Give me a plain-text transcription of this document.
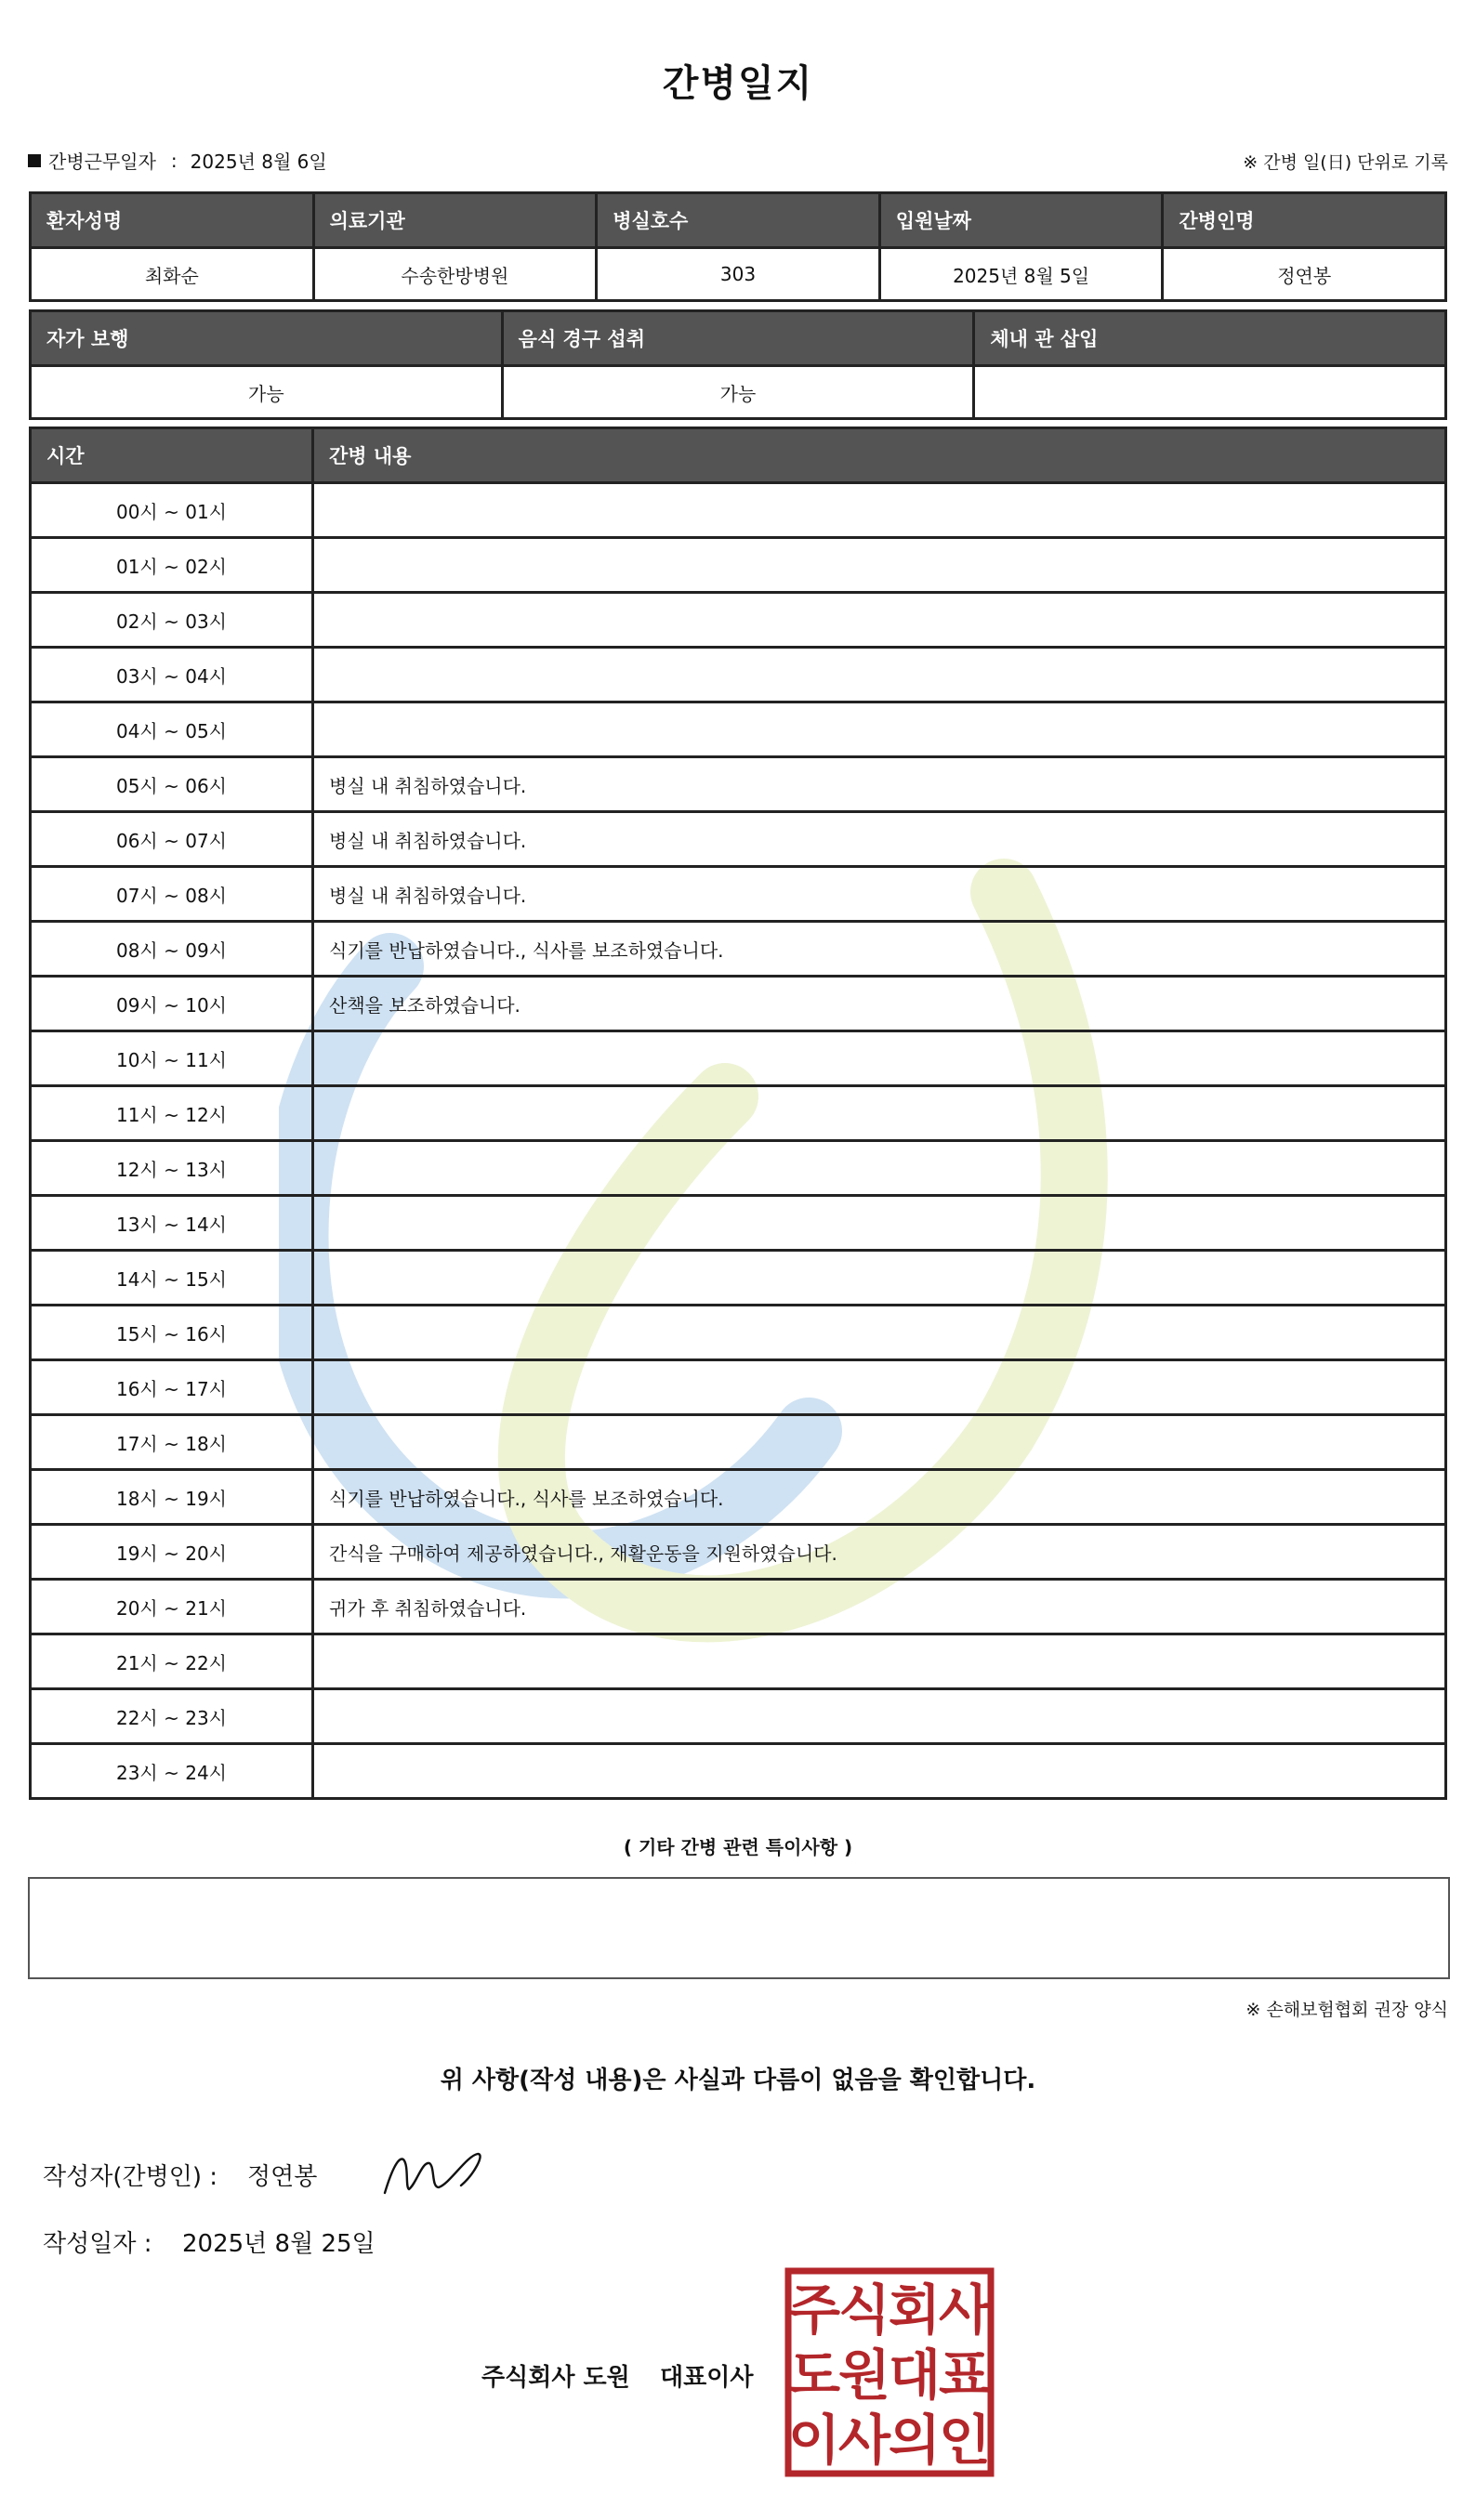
간병일지
간병근무일자 : 2025년 8월 6일	※ 간병 일(日) 단위로 기록
환자성명	의료기관	병실호수	입원날짜	간병인명
최화순	수송한방병원	303	2025년 8월 5일	정연봉
자가 보행	음식 경구 섭취	체내 관 삽입
가능	가능	
시간	간병 내용
00시 ~ 01시	
01시 ~ 02시	
02시 ~ 03시	
03시 ~ 04시	
04시 ~ 05시	
05시 ~ 06시	병실 내 취침하였습니다.
06시 ~ 07시	병실 내 취침하였습니다.
07시 ~ 08시	병실 내 취침하였습니다.
08시 ~ 09시	식기를 반납하였습니다., 식사를 보조하였습니다.
09시 ~ 10시	산책을 보조하였습니다.
10시 ~ 11시	
11시 ~ 12시	
12시 ~ 13시	
13시 ~ 14시	
14시 ~ 15시	
15시 ~ 16시	
16시 ~ 17시	
17시 ~ 18시	
18시 ~ 19시	식기를 반납하였습니다., 식사를 보조하였습니다.
19시 ~ 20시	간식을 구매하여 제공하였습니다., 재활운동을 지원하였습니다.
20시 ~ 21시	귀가 후 취침하였습니다.
21시 ~ 22시	
22시 ~ 23시	
23시 ~ 24시	
( 기타 간병 관련 특이사항 )
※ 손해보험협회 권장 양식
위 사항(작성 내용)은 사실과 다름이 없음을 확인합니다.
작성자(간병인) : 정연봉
작성일자 : 2025년 8월 25일
주식회사 도원 대표이사
주
식
회
사
도
원
대
표
이
사
의
인
